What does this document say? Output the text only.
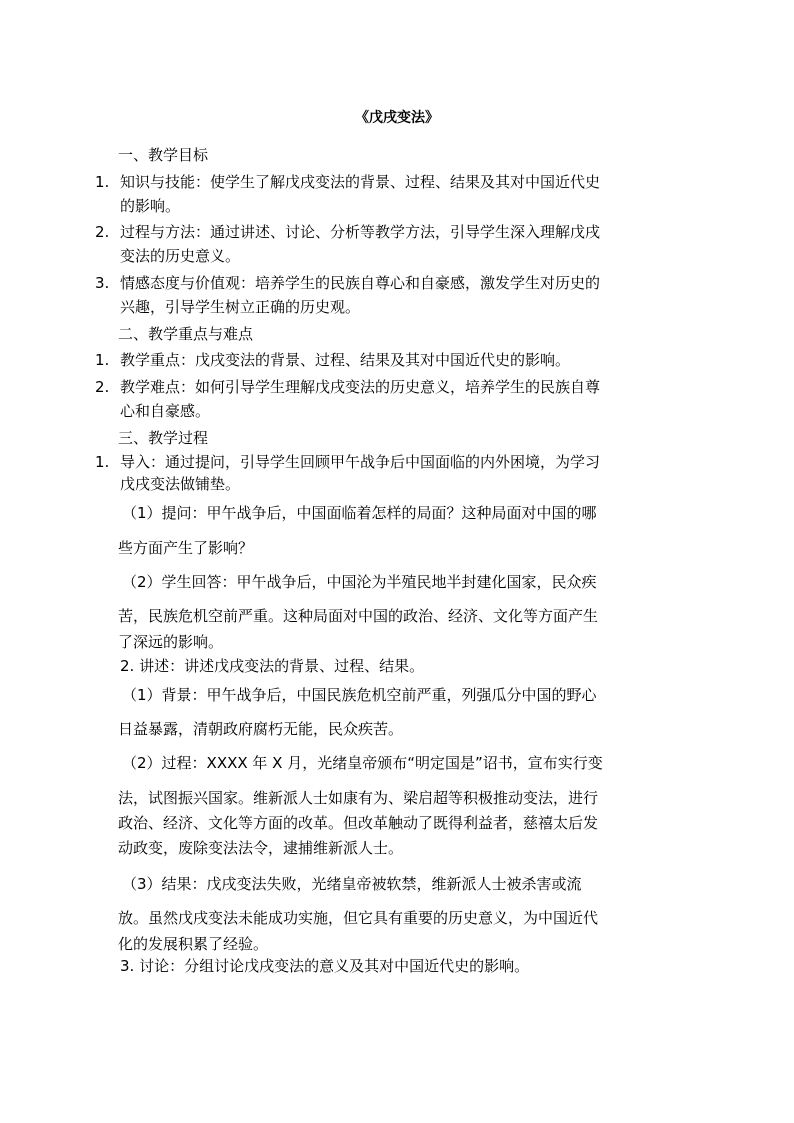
《戊戌变法》
一、教学目标
1. 知识与技能：使学生了解戊戌变法的背景、过程、结果及其对中国近代史
的影响。
2. 过程与方法：通过讲述、讨论、分析等教学方法，引导学生深入理解戊戌
变法的历史意义。
3. 情感态度与价值观：培养学生的民族自尊心和自豪感，激发学生对历史的
兴趣，引导学生树立正确的历史观。
二、教学重点与难点
1. 教学重点：戊戌变法的背景、过程、结果及其对中国近代史的影响。
2. 教学难点：如何引导学生理解戊戌变法的历史意义，培养学生的民族自尊
心和自豪感。
三、教学过程
1. 导入：通过提问，引导学生回顾甲午战争后中国面临的内外困境，为学习
戊戌变法做铺垫。
（1）提问：甲午战争后，中国面临着怎样的局面？这种局面对中国的哪
些方面产生了影响？
（2）学生回答：甲午战争后，中国沦为半殖民地半封建化国家，民众疾
苦，民族危机空前严重。这种局面对中国的政治、经济、文化等方面产生
了深远的影响。
2. 讲述：讲述戊戌变法的背景、过程、结果。
（1）背景：甲午战争后，中国民族危机空前严重，列强瓜分中国的野心
日益暴露，清朝政府腐朽无能，民众疾苦。
（2）过程：XXXX 年 X 月，光绪皇帝颁布“明定国是”诏书，宣布实行变
法，试图振兴国家。维新派人士如康有为、梁启超等积极推动变法，进行
政治、经济、文化等方面的改革。但改革触动了既得利益者，慈禧太后发
动政变，废除变法法令，逮捕维新派人士。
（3）结果：戊戌变法失败，光绪皇帝被软禁，维新派人士被杀害或流
放。虽然戊戌变法未能成功实施，但它具有重要的历史意义，为中国近代
化的发展积累了经验。
3. 讨论：分组讨论戊戌变法的意义及其对中国近代史的影响。
